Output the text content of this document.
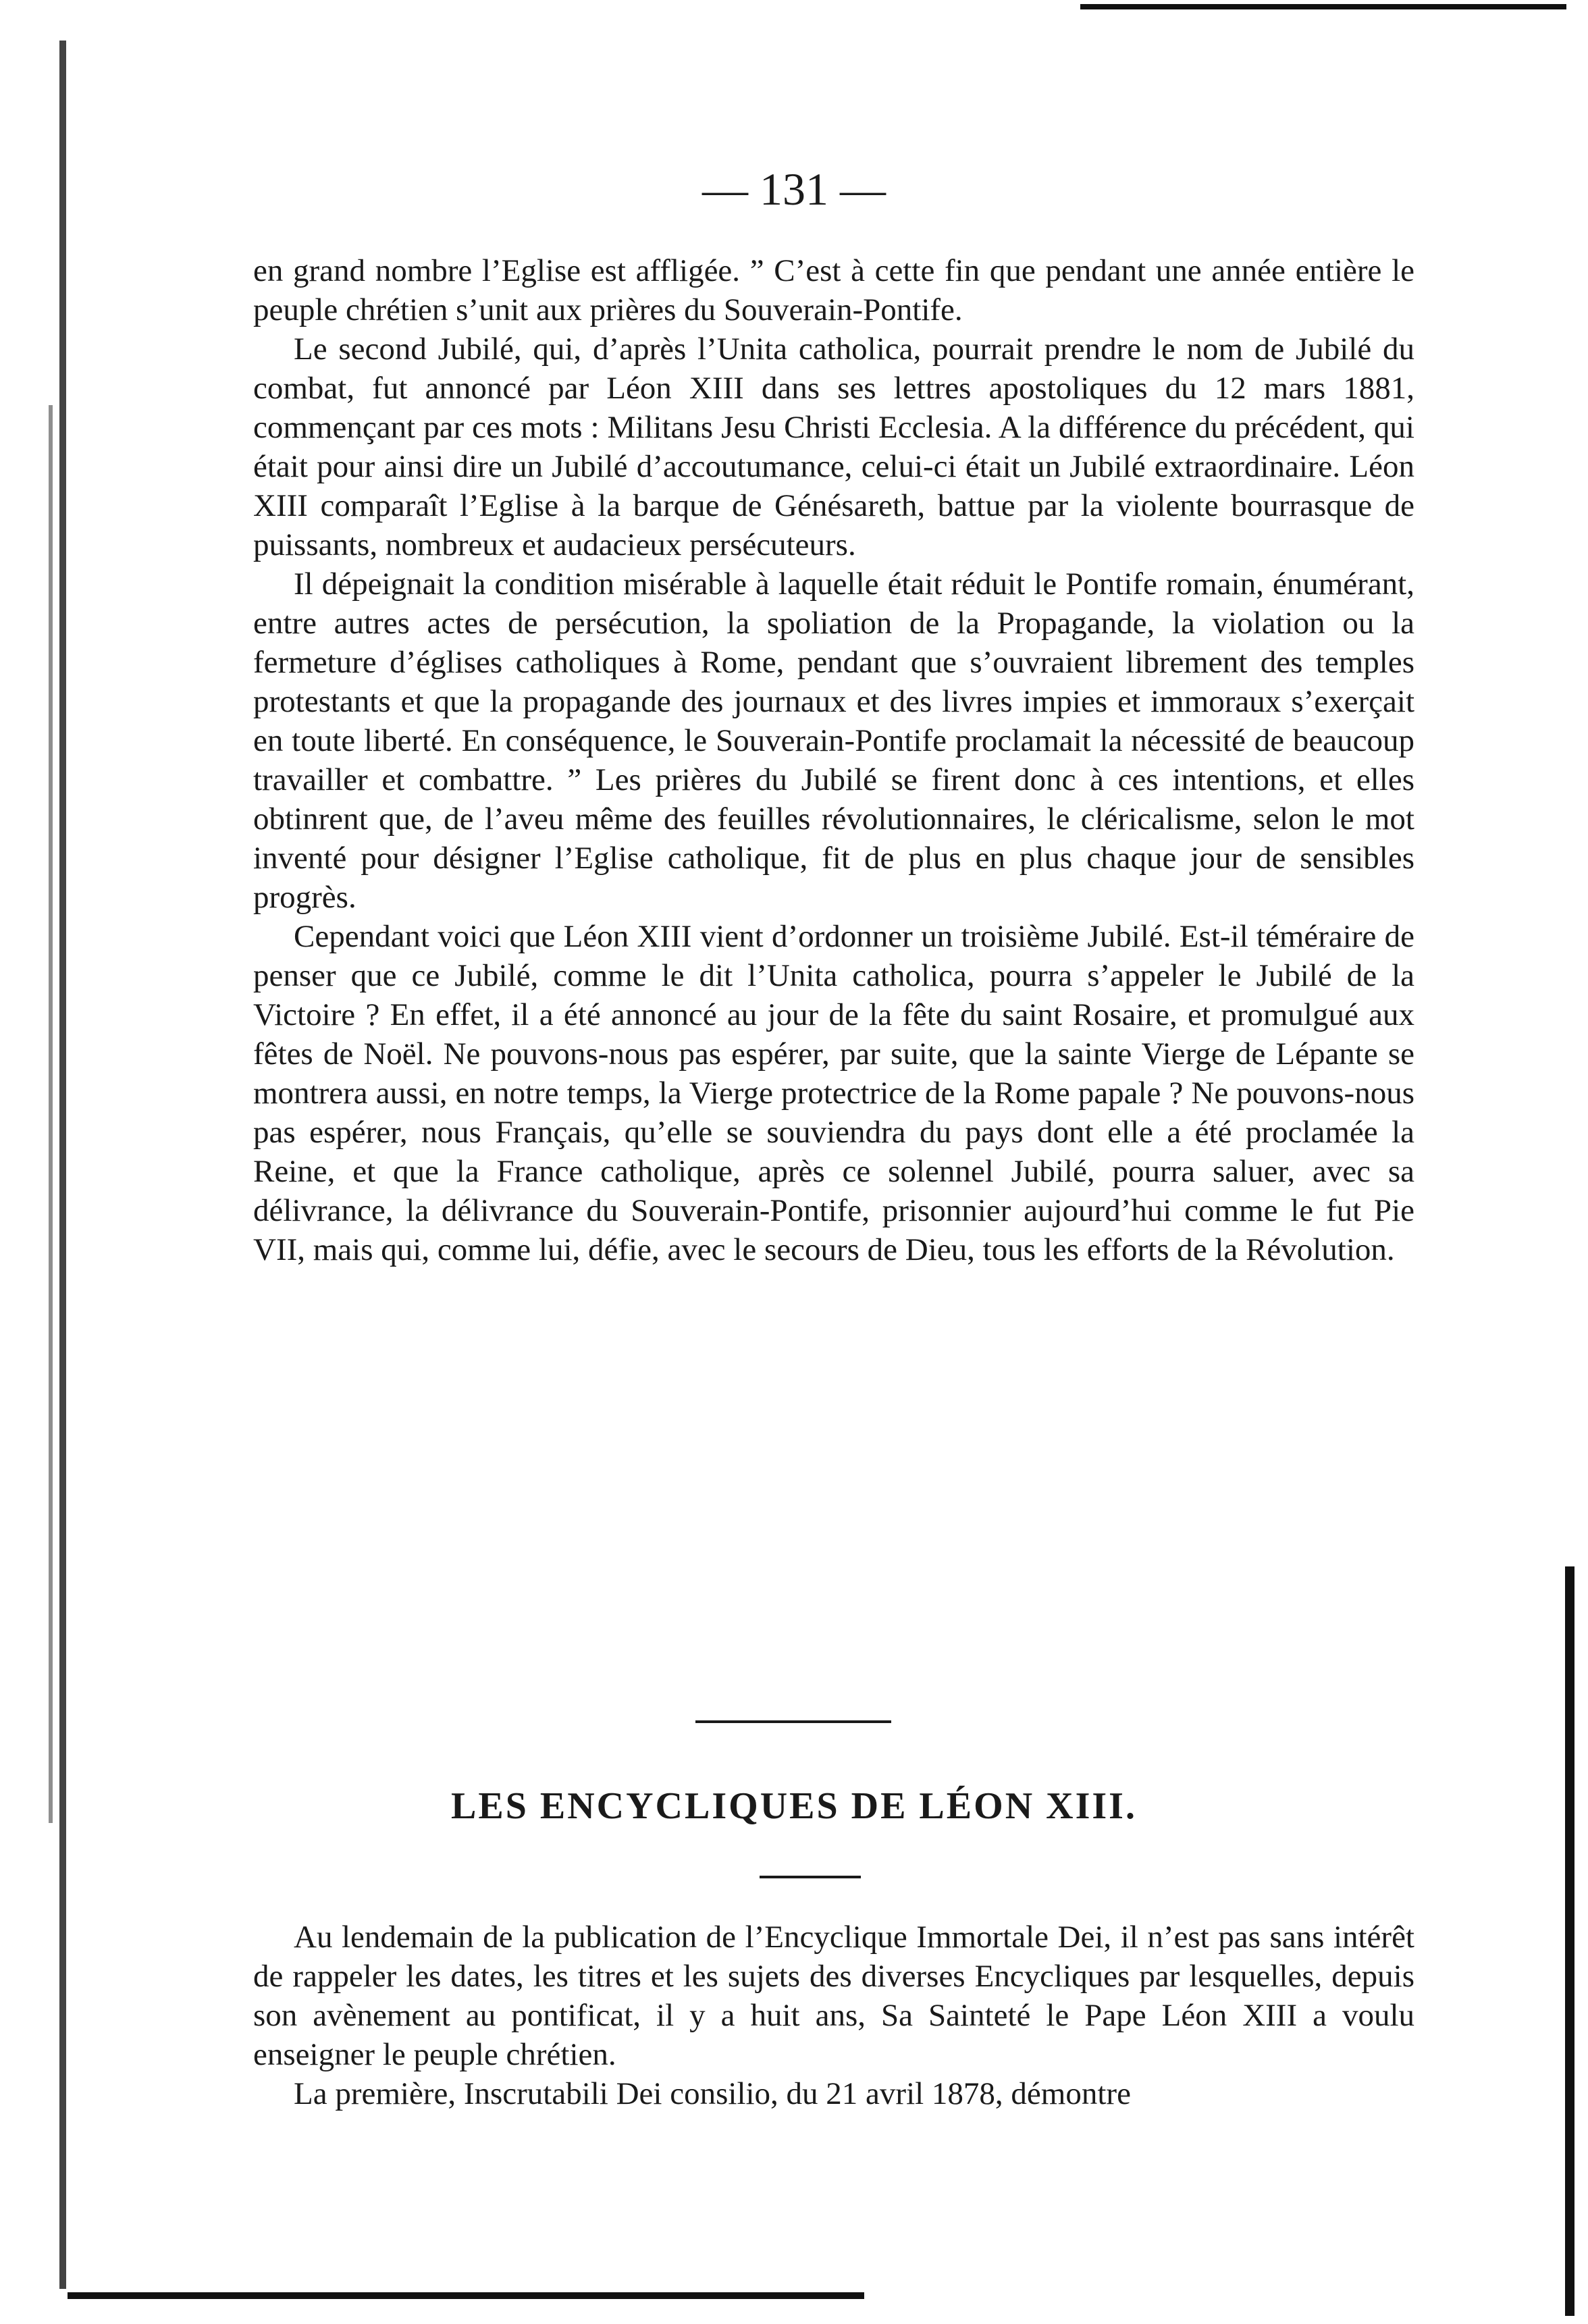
— 131 —

en grand nombre l’Eglise est affligée. ” C’est à cette fin que pendant une année entière le peuple chrétien s’unit aux prières du Souverain-Pontife.

Le second Jubilé, qui, d’après l’Unita catholica, pourrait prendre le nom de Jubilé du combat, fut annoncé par Léon XIII dans ses lettres apostoliques du 12 mars 1881, commençant par ces mots : Militans Jesu Christi Ecclesia. A la différence du précédent, qui était pour ainsi dire un Jubilé d’accoutumance, celui-ci était un Jubilé extraordinaire. Léon XIII comparaît l’Eglise à la barque de Génésareth, battue par la violente bourrasque de puissants, nombreux et audacieux persécuteurs.

Il dépeignait la condition misérable à laquelle était réduit le Pontife romain, énumérant, entre autres actes de persécution, la spoliation de la Propagande, la violation ou la fermeture d’églises catholiques à Rome, pendant que s’ouvraient librement des temples protestants et que la propagande des journaux et des livres impies et immoraux s’exerçait en toute liberté. En conséquence, le Souverain-Pontife proclamait la nécessité de beaucoup travailler et combattre. ” Les prières du Jubilé se firent donc à ces intentions, et elles obtinrent que, de l’aveu même des feuilles révolutionnaires, le cléricalisme, selon le mot inventé pour désigner l’Eglise catholique, fit de plus en plus chaque jour de sensibles progrès.

Cependant voici que Léon XIII vient d’ordonner un troisième Jubilé. Est-il téméraire de penser que ce Jubilé, comme le dit l’Unita catholica, pourra s’appeler le Jubilé de la Victoire ? En effet, il a été annoncé au jour de la fête du saint Rosaire, et promulgué aux fêtes de Noël. Ne pouvons-nous pas espérer, par suite, que la sainte Vierge de Lépante se montrera aussi, en notre temps, la Vierge protectrice de la Rome papale ? Ne pouvons-nous pas espérer, nous Français, qu’elle se souviendra du pays dont elle a été proclamée la Reine, et que la France catholique, après ce solennel Jubilé, pourra saluer, avec sa délivrance, la délivrance du Souverain-Pontife, prisonnier aujourd’hui comme le fut Pie VII, mais qui, comme lui, défie, avec le secours de Dieu, tous les efforts de la Révolution.

LES ENCYCLIQUES DE LÉON XIII.

Au lendemain de la publication de l’Encyclique Immortale Dei, il n’est pas sans intérêt de rappeler les dates, les titres et les sujets des diverses Encycliques par lesquelles, depuis son avènement au pontificat, il y a huit ans, Sa Sainteté le Pape Léon XIII a voulu enseigner le peuple chrétien.

La première, Inscrutabili Dei consilio, du 21 avril 1878, démontre
